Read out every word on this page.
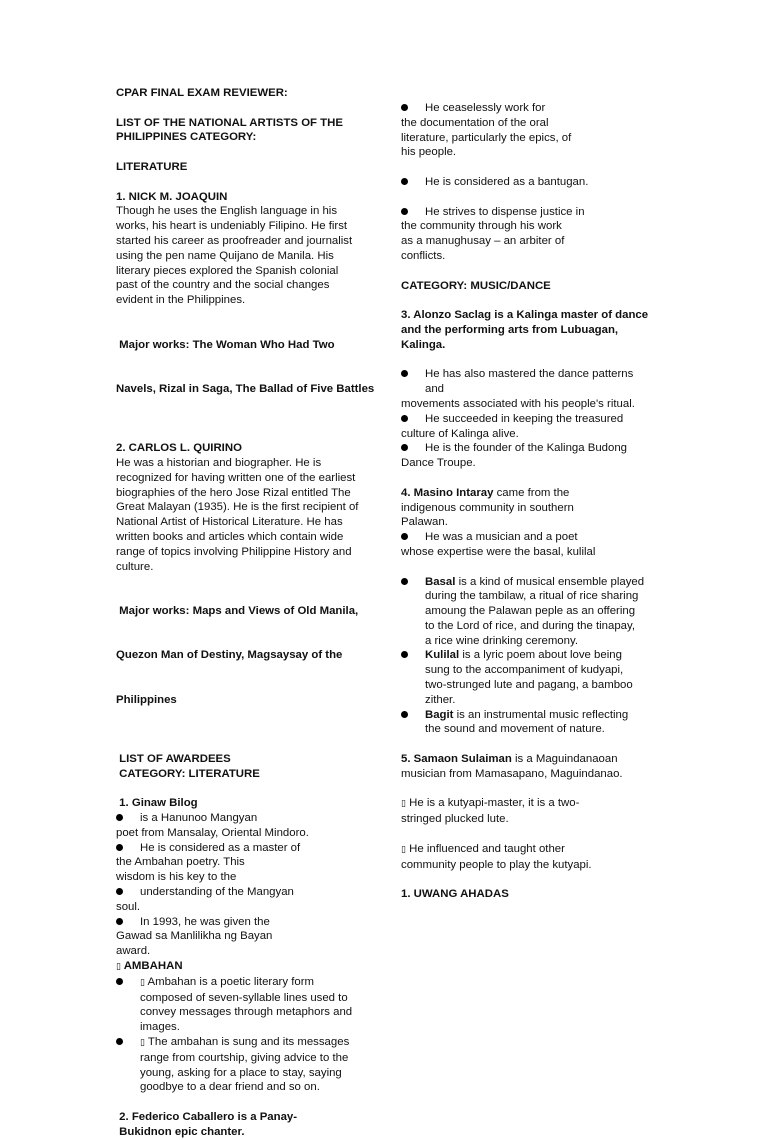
CPAR FINAL EXAM REVIEWER:

LIST OF THE NATIONAL ARTISTS OF THE

PHILIPPINES CATEGORY:

LITERATURE

1. NICK M. JOAQUIN

Though he uses the English language in his

works, his heart is undeniably Filipino. He first

started his career as proofreader and journalist

using the pen name Quijano de Manila. His

literary pieces explored the Spanish colonial

past of the country and the social changes

evident in the Philippines.

Major works: The Woman Who Had Two

Navels, Rizal in Saga, The Ballad of Five Battles

2. CARLOS L. QUIRINO

He was a historian and biographer. He is

recognized for having written one of the earliest

biographies of the hero Jose Rizal entitled The

Great Malayan (1935). He is the first recipient of

National Artist of Historical Literature. He has

written books and articles which contain wide

range of topics involving Philippine History and

culture.

Major works: Maps and Views of Old Manila,

Quezon Man of Destiny, Magsaysay of the

Philippines

LIST OF AWARDEES

CATEGORY: LITERATURE

1. Ginaw Bilog

is a Hanunoo Mangyan

poet from Mansalay, Oriental Mindoro.

He is considered as a master of

the Ambahan poetry. This

wisdom is his key to the

understanding of the Mangyan

soul.

In 1993, he was given the

Gawad sa Manlilikha ng Bayan

award.

▯ AMBAHAN

▯ Ambahan is a poetic literary form

composed of seven-syllable lines used to

convey messages through metaphors and

images.

▯ The ambahan is sung and its messages

range from courtship, giving advice to the

young, asking for a place to stay, saying

goodbye to a dear friend and so on.

2. Federico Caballero is a Panay-

Bukidnon epic chanter.

He ceaselessly work for

the documentation of the oral

literature, particularly the epics, of

his people.

He is considered as a bantugan.
He strives to dispense justice in

the community through his work

as a manughusay – an arbiter of

conflicts.

CATEGORY: MUSIC/DANCE

3. Alonzo Saclag is a Kalinga master of dance

and the performing arts from Lubuagan,

Kalinga.

He has also mastered the dance patterns

and

movements associated with his people's ritual.

He succeeded in keeping the treasured

culture of Kalinga alive.

He is the founder of the Kalinga Budong

Dance Troupe.

4. Masino Intaray came from the

indigenous community in southern

Palawan.

He was a musician and a poet

whose expertise were the basal, kulilal

Basal is a kind of musical ensemble played

during the tambilaw, a ritual of rice sharing

amoung the Palawan peple as an offering

to the Lord of rice, and during the tinapay,

a rice wine drinking ceremony.

Kulilal is a lyric poem about love being

sung to the accompaniment of kudyapi,

two-strunged lute and pagang, a bamboo

zither.

Bagit is an instrumental music reflecting

the sound and movement of nature.

5. Samaon Sulaiman is a Maguindanaoan

musician from Mamasapano, Maguindanao.

▯ He is a kutyapi-master, it is a two-

stringed plucked lute.

▯ He influenced and taught other

community people to play the kutyapi.

1. UWANG AHADAS
